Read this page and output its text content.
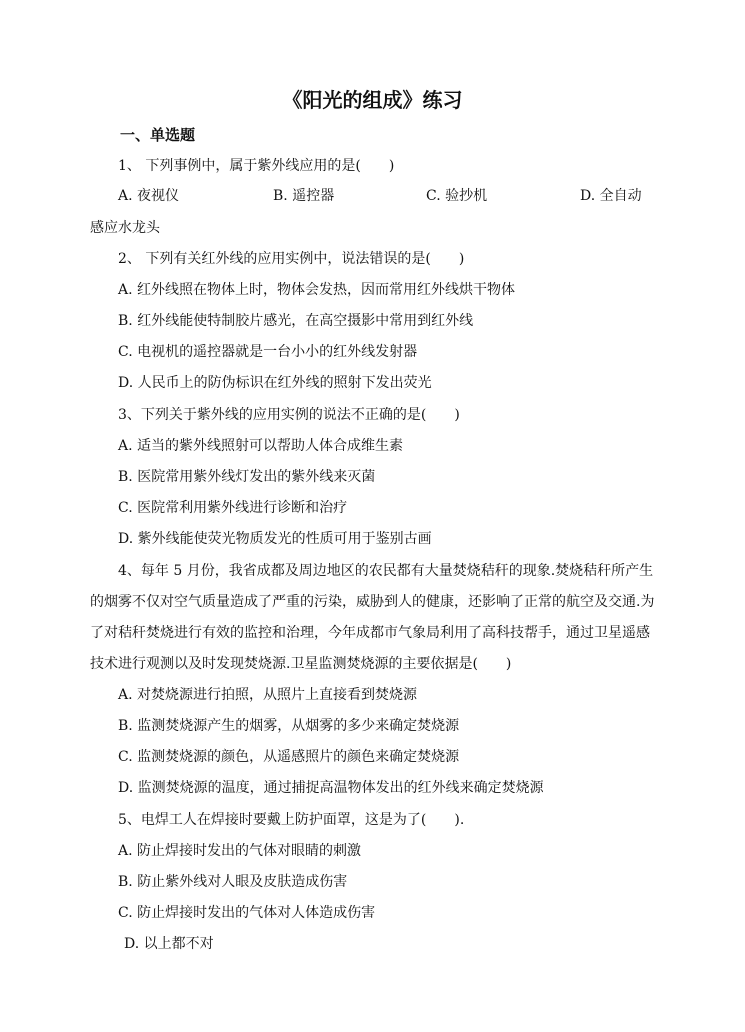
《阳光的组成》练习
一、单选题
1、 下列事例中，属于紫外线应用的是(　　)
A. 夜视仪	B. 遥控器	C. 验抄机	D. 全自动
感应水龙头
2、 下列有关红外线的应用实例中，说法错误的是(　　)
A. 红外线照在物体上时，物体会发热，因而常用红外线烘干物体
B. 红外线能使特制胶片感光，在高空摄影中常用到红外线
C. 电视机的遥控器就是一台小小的红外线发射器
D. 人民币上的防伪标识在红外线的照射下发出荧光
3、下列关于紫外线的应用实例的说法不正确的是(　　)
A. 适当的紫外线照射可以帮助人体合成维生素
B. 医院常用紫外线灯发出的紫外线来灭菌
C. 医院常利用紫外线进行诊断和治疗
D. 紫外线能使荧光物质发光的性质可用于鉴别古画
4、每年 5 月份，我省成都及周边地区的农民都有大量焚烧秸秆的现象.焚烧秸秆所产生
的烟雾不仅对空气质量造成了严重的污染，威胁到人的健康，还影响了正常的航空及交通.为
了对秸秆焚烧进行有效的监控和治理，今年成都市气象局利用了高科技帮手，通过卫星遥感
技术进行观测以及时发现焚烧源.卫星监测焚烧源的主要依据是(　　)
A. 对焚烧源进行拍照，从照片上直接看到焚烧源
B. 监测焚烧源产生的烟雾，从烟雾的多少来确定焚烧源
C. 监测焚烧源的颜色，从遥感照片的颜色来确定焚烧源
D. 监测焚烧源的温度，通过捕捉高温物体发出的红外线来确定焚烧源
5、电焊工人在焊接时要戴上防护面罩，这是为了(　　).
A. 防止焊接时发出的气体对眼睛的刺激
B. 防止紫外线对人眼及皮肤造成伤害
C. 防止焊接时发出的气体对人体造成伤害
D. 以上都不对
